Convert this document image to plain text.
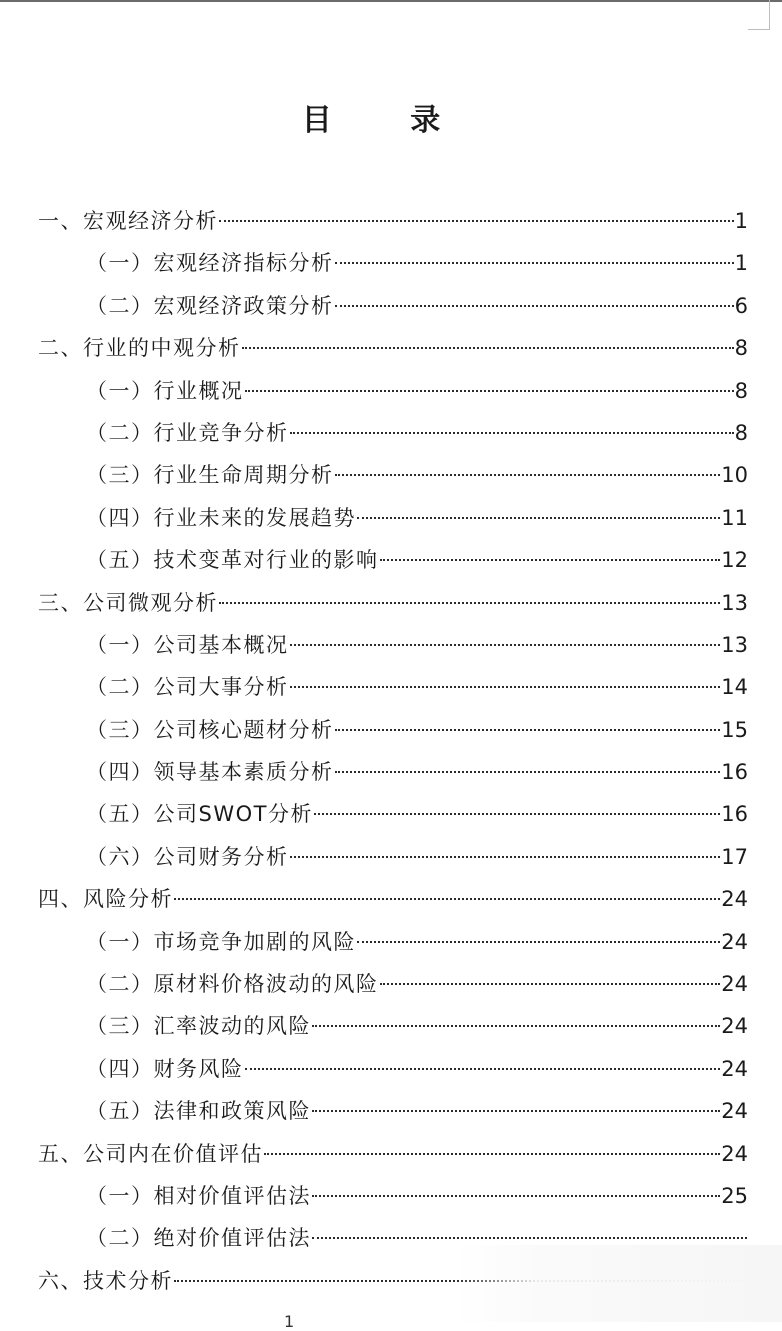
目 录
一、宏观经济分析	1
（一）宏观经济指标分析	1
（二）宏观经济政策分析	6
二、行业的中观分析	8
（一）行业概况	8
（二）行业竞争分析	8
（三）行业生命周期分析	10
（四）行业未来的发展趋势	11
（五）技术变革对行业的影响	12
三、公司微观分析	13
（一）公司基本概况	13
（二）公司大事分析	14
（三）公司核心题材分析	15
（四）领导基本素质分析	16
（五）公司SWOT分析	16
（六）公司财务分析	17
四、风险分析	24
（一）市场竞争加剧的风险	24
（二）原材料价格波动的风险	24
（三）汇率波动的风险	24
（四）财务风险	24
（五）法律和政策风险	24
五、公司内在价值评估	24
（一）相对价值评估法	25
（二）绝对价值评估法
六、技术分析
1
